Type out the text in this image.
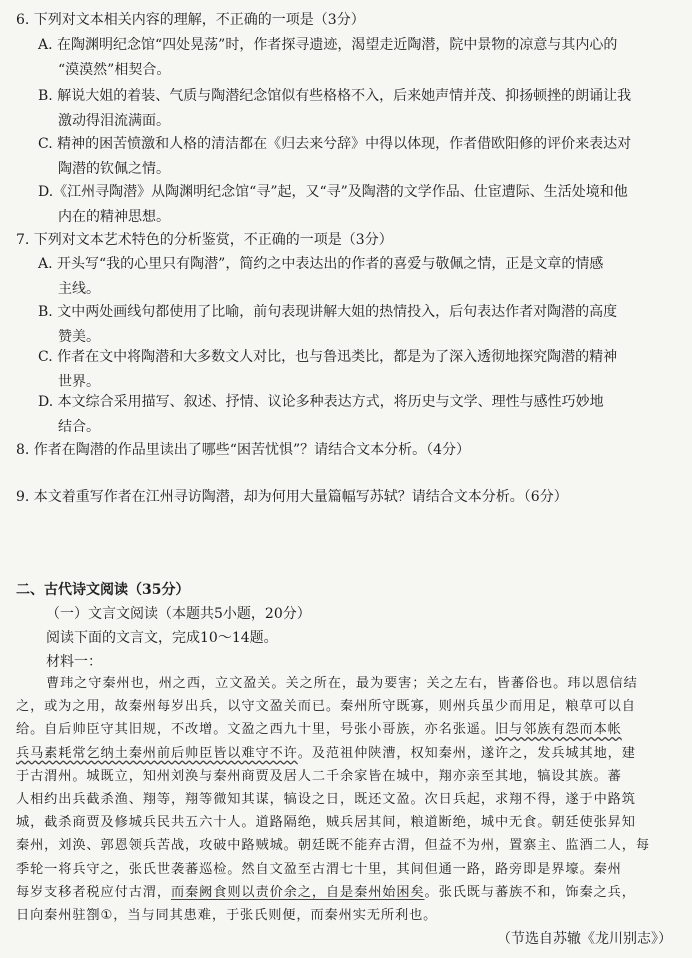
6. 下列对文本相关内容的理解，不正确的一项是（3分）

A. 在陶渊明纪念馆“四处晃荡”时，作者探寻遗迹，渴望走近陶潜，院中景物的凉意与其内心的
“漠漠然”相契合。
B. 解说大姐的着装、气质与陶潜纪念馆似有些格格不入，后来她声情并茂、抑扬顿挫的朗诵让我
激动得泪流满面。
C. 精神的困苦愤激和人格的清洁都在《归去来兮辞》中得以体现，作者借欧阳修的评价来表达对
陶潜的钦佩之情。
D.《江州寻陶潜》从陶渊明纪念馆“寻”起，又“寻”及陶潜的文学作品、仕宦遭际、生活处境和他
内在的精神思想。

7. 下列对文本艺术特色的分析鉴赏，不正确的一项是（3分）

A. 开头写“我的心里只有陶潜”，简约之中表达出的作者的喜爱与敬佩之情，正是文章的情感
主线。
B. 文中两处画线句都使用了比喻，前句表现讲解大姐的热情投入，后句表达作者对陶潜的高度
赞美。
C. 作者在文中将陶潜和大多数文人对比，也与鲁迅类比，都是为了深入透彻地探究陶潜的精神
世界。
D. 本文综合采用描写、叙述、抒情、议论多种表达方式，将历史与文学、理性与感性巧妙地
结合。

8. 作者在陶潜的作品里读出了哪些“困苦忧惧”？请结合文本分析。（4分）

9. 本文着重写作者在江州寻访陶潜，却为何用大量篇幅写苏轼？请结合文本分析。（6分）

二、古代诗文阅读（35分）

（一）文言文阅读（本题共5小题，20分）

阅读下面的文言文，完成10～14题。

材料一：

曹玮之守秦州也，州之西，立文盈关。关之所在，最为要害；关之左右，皆蕃俗也。玮以恩信结
之，或为之用，故秦州每岁出兵，以守文盈关而已。秦州所守既寡，则州兵虽少而用足，粮草可以自
给。自后帅臣守其旧规，不改增。文盈之西九十里，号张小哥族，亦名张遥。旧与邻族有怨而本帐
兵马素耗常乞纳土秦州前后帅臣皆以难守不许。及范祖仲陕漕，权知秦州，遂许之，发兵城其地，建
于古渭州。城既立，知州刘涣与秦州商贾及居人二千余家皆在城中，翔亦亲至其地，犒设其族。蕃
人相约出兵截杀渔、翔等，翔等微知其谋，犒设之日，既还文盈。次日兵起，求翔不得，遂于中路筑
城，截杀商贾及修城兵民共五六十人。道路隔绝，贼兵居其间，粮道断绝，城中无食。朝廷使张昇知
秦州，刘涣、郭恩领兵苦战，攻破中路贼城。朝廷既不能弃古渭，但益不为州，置寨主、监酒二人，每
季轮一将兵守之，张氏世袭蕃巡检。然自文盈至古渭七十里，其间但通一路，路旁即是界壕。秦州
每岁支移者税应付古渭，而秦阙食则以责价余之，自是秦州始困矣。张氏既与蕃族不和，饰秦之兵，
日向秦州驻劄①，当与同其患难，于张氏则便，而秦州实无所利也。

（节选自苏辙《龙川别志》）
